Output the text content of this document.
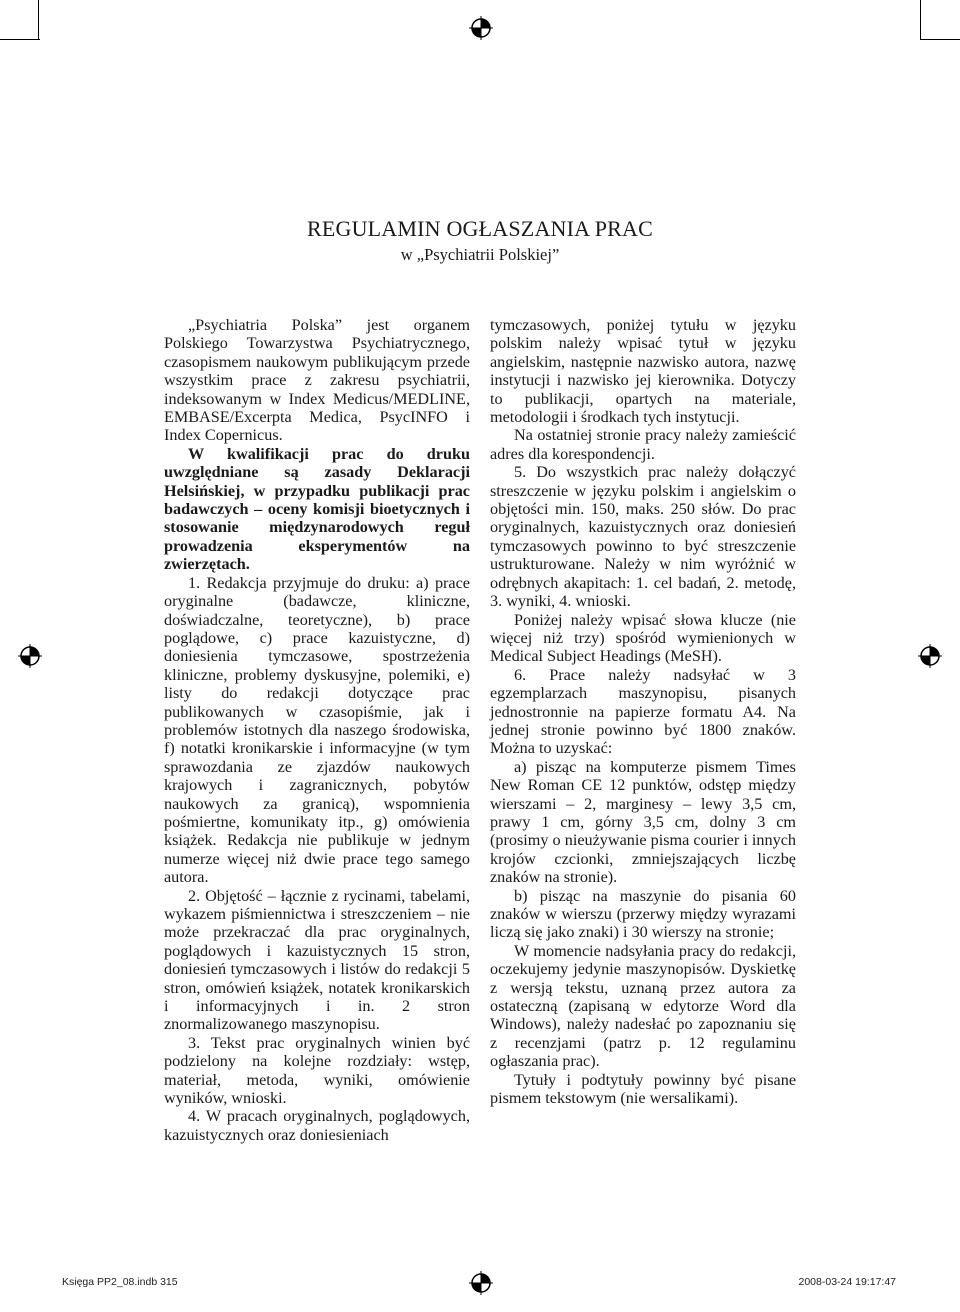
REGULAMIN OGŁASZANIA PRAC
w „Psychiatrii Polskiej”

„Psychiatria Polska” jest organem Polskiego Towarzystwa Psychiatrycznego, czasopismem naukowym publikującym przede wszystkim prace z zakresu psychiatrii, indeksowanym w Index Medicus/MEDLINE, EMBASE/Excerpta Medica, PsycINFO i Index Copernicus.

W kwalifikacji prac do druku uwzględniane są zasady Deklaracji Helsińskiej, w przypadku publikacji prac badawczych – oceny komisji bioetycznych i stosowanie międzynarodowych reguł prowadzenia eksperymentów na zwierzętach.

1. Redakcja przyjmuje do druku: a) prace oryginalne (badawcze, kliniczne, doświadczalne, teoretyczne), b) prace poglądowe, c) prace kazuistyczne, d) doniesienia tymczasowe, spostrzeżenia kliniczne, problemy dyskusyjne, polemiki, e) listy do redakcji dotyczące prac publikowanych w czasopiśmie, jak i problemów istotnych dla naszego środowiska, f) notatki kronikarskie i informacyjne (w tym sprawozdania ze zjazdów naukowych krajowych i zagranicznych, pobytów naukowych za granicą), wspomnienia pośmiertne, komunikaty itp., g) omówienia książek. Redakcja nie publikuje w jednym numerze więcej niż dwie prace tego samego autora.

2. Objętość – łącznie z rycinami, tabelami, wykazem piśmiennictwa i streszczeniem – nie może przekraczać dla prac oryginalnych, poglądowych i kazuistycznych 15 stron, doniesień tymczasowych i listów do redakcji 5 stron, omówień książek, notatek kronikarskich i informacyjnych i in. 2 stron znormalizowanego maszynopisu.

3. Tekst prac oryginalnych winien być podzielony na kolejne rozdziały: wstęp, materiał, metoda, wyniki, omówienie wyników, wnioski.

4. W pracach oryginalnych, poglądowych, kazuistycznych oraz doniesieniach

tymczasowych, poniżej tytułu w języku polskim należy wpisać tytuł w języku angielskim, następnie nazwisko autora, nazwę instytucji i nazwisko jej kierownika. Dotyczy to publikacji, opartych na materiale, metodologii i środkach tych instytucji.

Na ostatniej stronie pracy należy zamieścić adres dla korespondencji.

5. Do wszystkich prac należy dołączyć streszczenie w języku polskim i angielskim o objętości min. 150, maks. 250 słów. Do prac oryginalnych, kazuistycznych oraz doniesień tymczasowych powinno to być streszczenie ustrukturowane. Należy w nim wyróżnić w odrębnych akapitach: 1. cel badań, 2. metodę, 3. wyniki, 4. wnioski.

Poniżej należy wpisać słowa klucze (nie więcej niż trzy) spośród wymienionych w Medical Subject Headings (MeSH).

6. Prace należy nadsyłać w 3 egzemplarzach maszynopisu, pisanych jednostronnie na papierze formatu A4. Na jednej stronie powinno być 1800 znaków. Można to uzyskać:

a) pisząc na komputerze pismem Times New Roman CE 12 punktów, odstęp między wierszami – 2, marginesy – lewy 3,5 cm, prawy 1 cm, górny 3,5 cm, dolny 3 cm (prosimy o nieużywanie pisma courier i innych krojów czcionki, zmniejszających liczbę znaków na stronie).

b) pisząc na maszynie do pisania 60 znaków w wierszu (przerwy między wyrazami liczą się jako znaki) i 30 wierszy na stronie;

W momencie nadsyłania pracy do redakcji, oczekujemy jedynie maszynopisów. Dyskietkę z wersją tekstu, uznaną przez autora za ostateczną (zapisaną w edytorze Word dla Windows), należy nadesłać po zapoznaniu się z recenzjami (patrz p. 12 regulaminu ogłaszania prac).

Tytuły i podtytuły powinny być pisane pismem tekstowym (nie wersalikami).

Księga PP2_08.indb 315	2008-03-24 19:17:47
